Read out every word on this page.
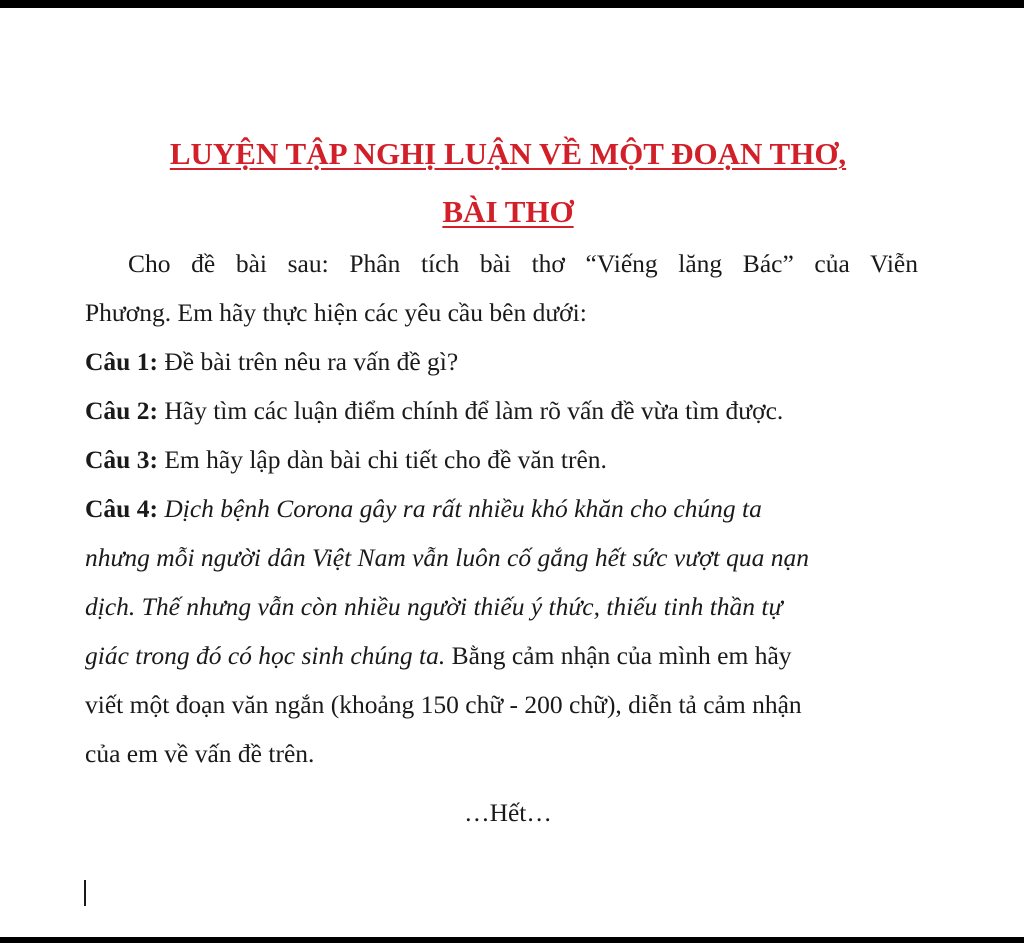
LUYỆN TẬP NGHỊ LUẬN VỀ MỘT ĐOẠN THƠ,
BÀI THƠ
Cho đề bài sau: Phân tích bài thơ “Viếng lăng Bác” của Viễn
Phương. Em hãy thực hiện các yêu cầu bên dưới:
Câu 1: Đề bài trên nêu ra vấn đề gì?
Câu 2: Hãy tìm các luận điểm chính để làm rõ vấn đề vừa tìm được.
Câu 3: Em hãy lập dàn bài chi tiết cho đề văn trên.
Câu 4: Dịch bệnh Corona gây ra rất nhiều khó khăn cho chúng ta
nhưng mỗi người dân Việt Nam vẫn luôn cố gắng hết sức vượt qua nạn
dịch. Thế nhưng vẫn còn nhiều người thiếu ý thức, thiếu tinh thần tự
giác trong đó có học sinh chúng ta. Bằng cảm nhận của mình em hãy
viết một đoạn văn ngắn (khoảng 150 chữ - 200 chữ), diễn tả cảm nhận
của em về vấn đề trên.
…Hết…
